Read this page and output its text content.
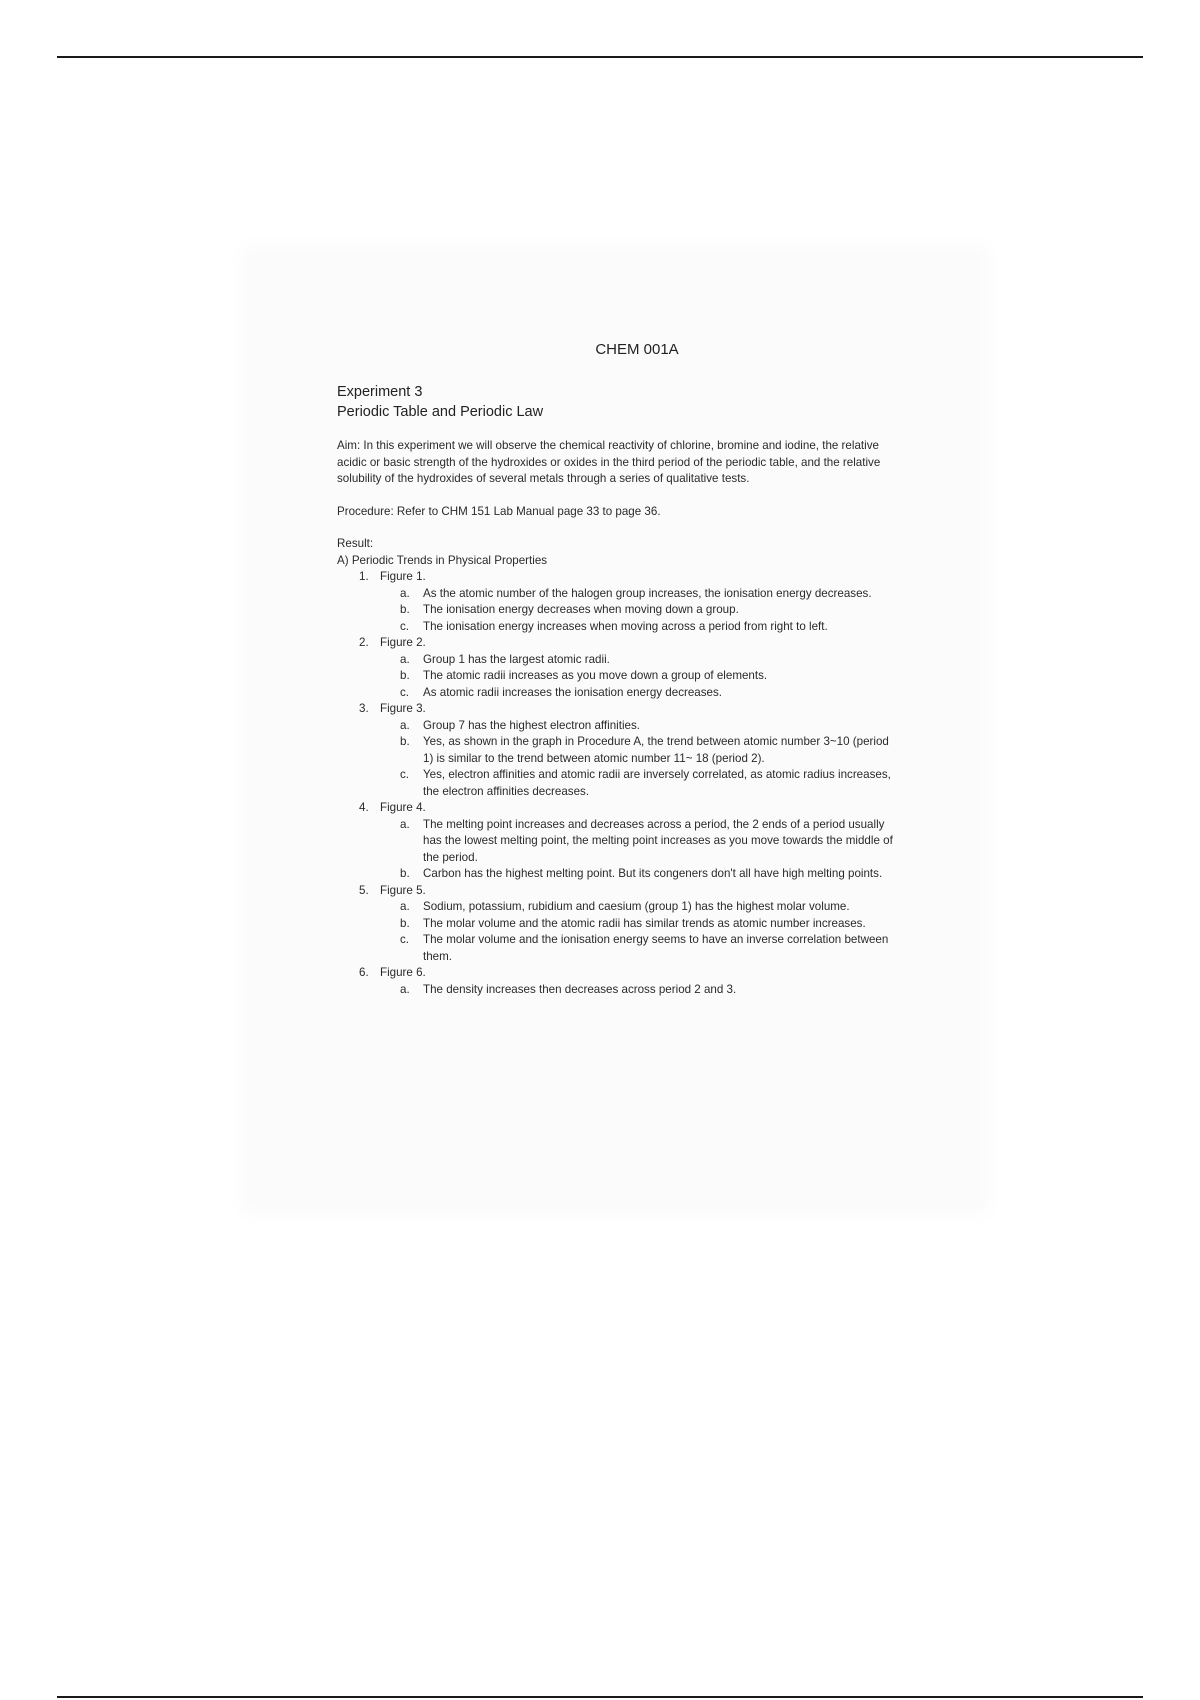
CHEM 001A
Experiment 3
Periodic Table and Periodic Law

Aim: In this experiment we will observe the chemical reactivity of chlorine, bromine and iodine, the relative acidic or basic strength of the hydroxides or oxides in the third period of the periodic table, and the relative solubility of the hydroxides of several metals through a series of qualitative tests.

Procedure: Refer to CHM 151 Lab Manual page 33 to page 36.

Result:
A) Periodic Trends in Physical Properties
1. Figure 1.
a.	As the atomic number of the halogen group increases, the ionisation energy decreases.
b.	The ionisation energy decreases when moving down a group.
c.	The ionisation energy increases when moving across a period from right to left.
2. Figure 2.
a.	Group 1 has the largest atomic radii.
b.	The atomic radii increases as you move down a group of elements.
c.	As atomic radii increases the ionisation energy decreases.
3. Figure 3.
a.	Group 7 has the highest electron affinities.
b.	Yes, as shown in the graph in Procedure A, the trend between atomic number 3~10 (period 1) is similar to the trend between atomic number 11~ 18 (period 2).
c.	Yes, electron affinities and atomic radii are inversely correlated, as atomic radius increases, the electron affinities decreases.
4. Figure 4.
a.	The melting point increases and decreases across a period, the 2 ends of a period usually has the lowest melting point, the melting point increases as you move towards the middle of the period.
b.	Carbon has the highest melting point. But its congeners don't all have high melting points.
5. Figure 5.
a.	Sodium, potassium, rubidium and caesium (group 1) has the highest molar volume.
b.	The molar volume and the atomic radii has similar trends as atomic number increases.
c.	The molar volume and the ionisation energy seems to have an inverse correlation between them.
6. Figure 6.
a.	The density increases then decreases across period 2 and 3.
